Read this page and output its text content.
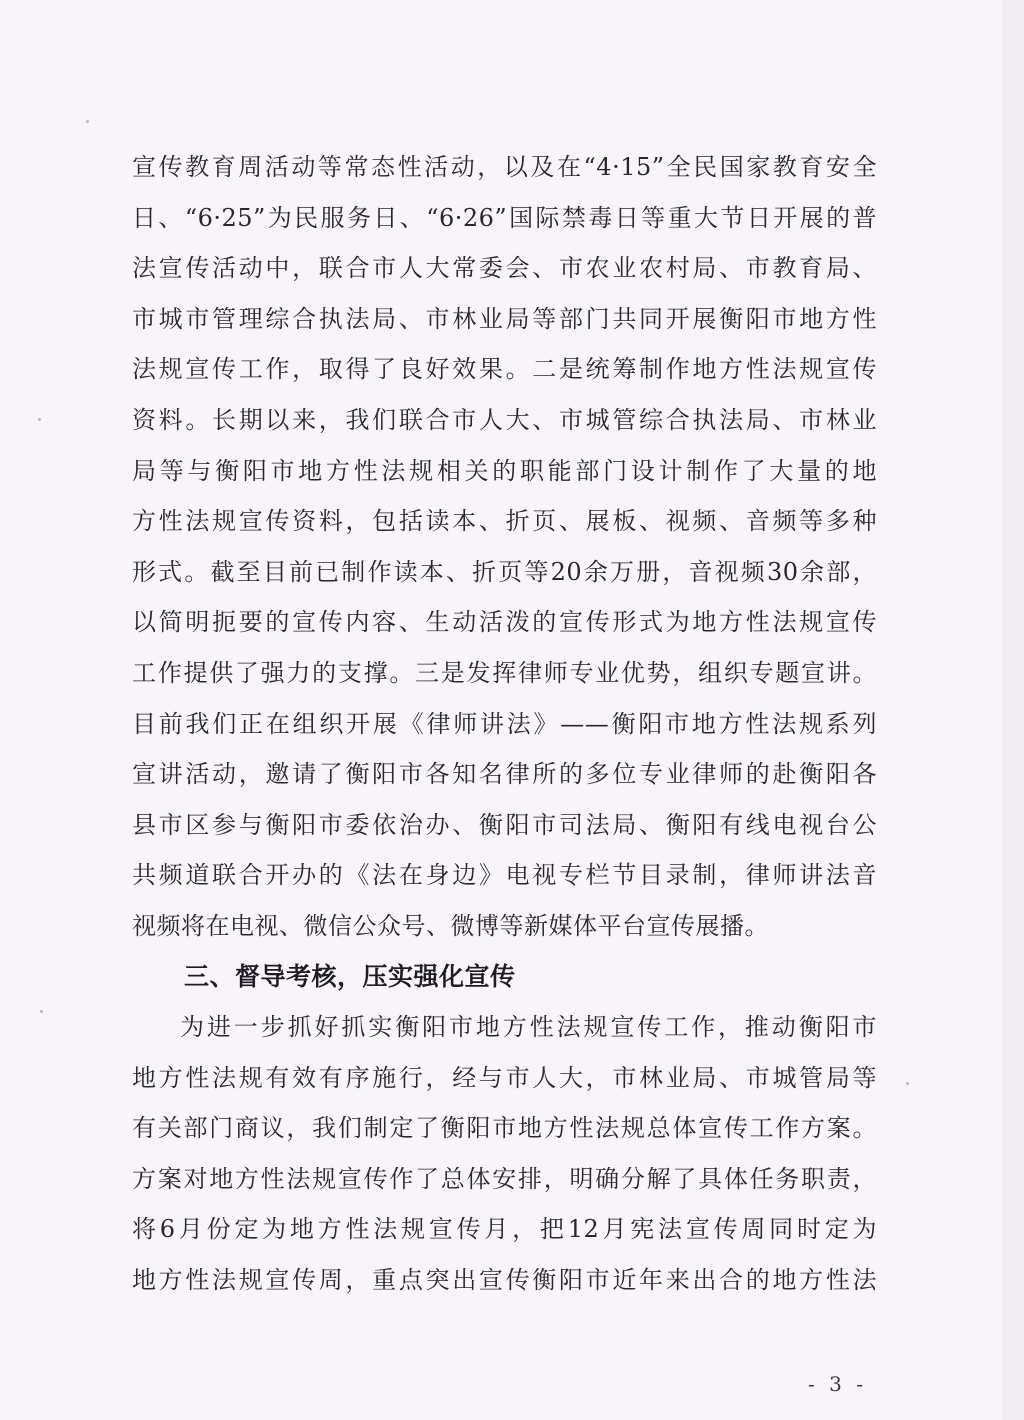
宣传教育周活动等常态性活动，以及在“4·15”全民国家教育安全
日、“6·25”为民服务日、“6·26”国际禁毒日等重大节日开展的普
法宣传活动中，联合市人大常委会、市农业农村局、市教育局、
市城市管理综合执法局、市林业局等部门共同开展衡阳市地方性
法规宣传工作，取得了良好效果。二是统筹制作地方性法规宣传
资料。长期以来，我们联合市人大、市城管综合执法局、市林业
局等与衡阳市地方性法规相关的职能部门设计制作了大量的地
方性法规宣传资料，包括读本、折页、展板、视频、音频等多种
形式。截至目前已制作读本、折页等20余万册，音视频30余部，
以简明扼要的宣传内容、生动活泼的宣传形式为地方性法规宣传
工作提供了强力的支撑。三是发挥律师专业优势，组织专题宣讲。
目前我们正在组织开展《律师讲法》——衡阳市地方性法规系列
宣讲活动，邀请了衡阳市各知名律所的多位专业律师的赴衡阳各
县市区参与衡阳市委依治办、衡阳市司法局、衡阳有线电视台公
共频道联合开办的《法在身边》电视专栏节目录制，律师讲法音
视频将在电视、微信公众号、微博等新媒体平台宣传展播。
三、督导考核，压实强化宣传
为进一步抓好抓实衡阳市地方性法规宣传工作，推动衡阳市
地方性法规有效有序施行，经与市人大，市林业局、市城管局等
有关部门商议，我们制定了衡阳市地方性法规总体宣传工作方案。
方案对地方性法规宣传作了总体安排，明确分解了具体任务职责，
将6月份定为地方性法规宣传月，把12月宪法宣传周同时定为
地方性法规宣传周，重点突出宣传衡阳市近年来出合的地方性法
- 3 -
